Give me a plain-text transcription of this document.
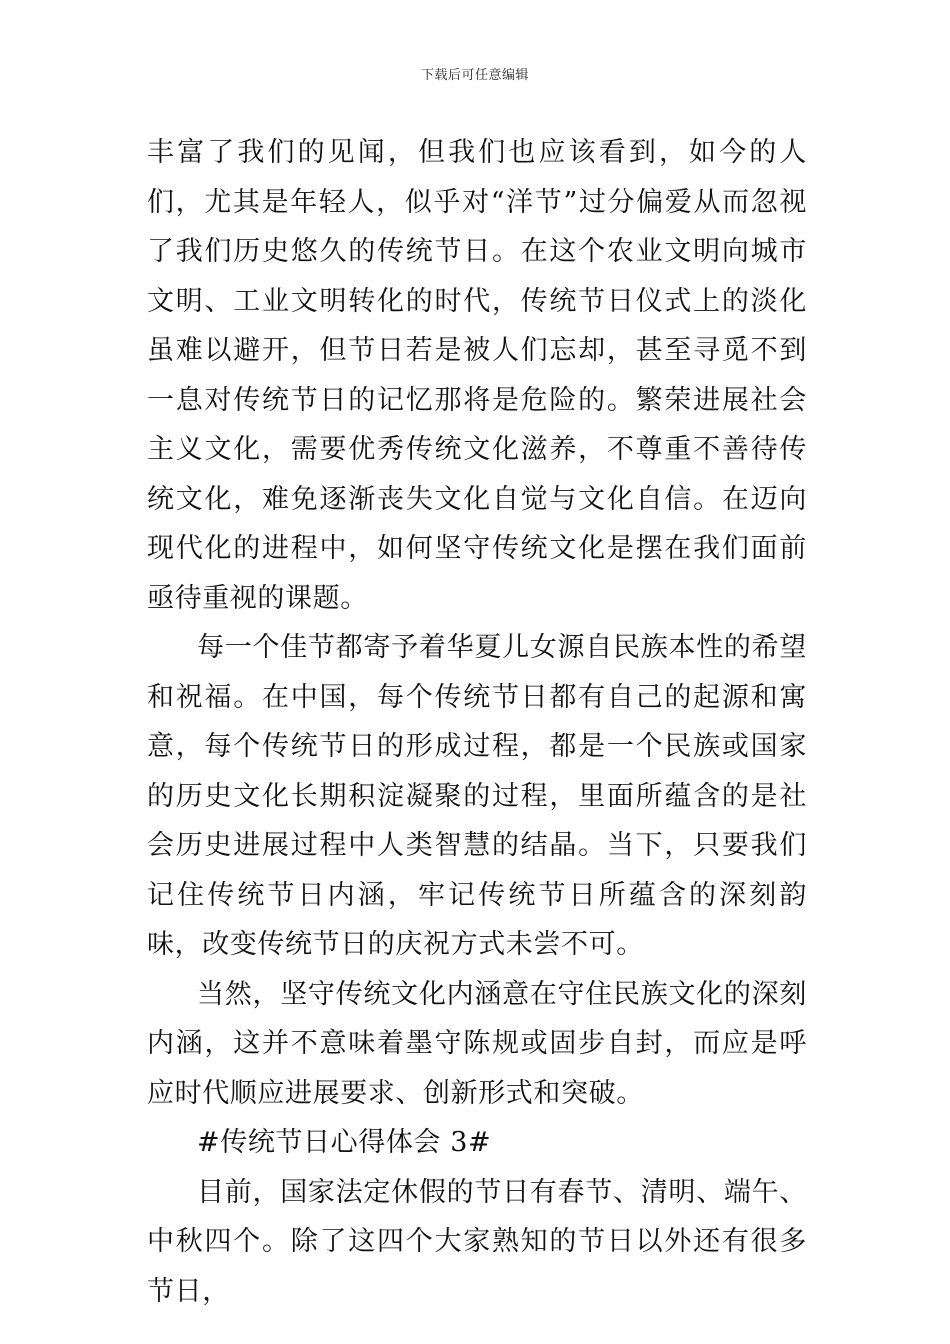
下载后可任意编辑

丰富了我们的见闻，但我们也应该看到，如今的人们，尤其是年轻人，似乎对“洋节”过分偏爱从而忽视了我们历史悠久的传统节日。在这个农业文明向城市文明、工业文明转化的时代，传统节日仪式上的淡化虽难以避开，但节日若是被人们忘却，甚至寻觅不到一息对传统节日的记忆那将是危险的。繁荣进展社会主义文化，需要优秀传统文化滋养，不尊重不善待传统文化，难免逐渐丧失文化自觉与文化自信。在迈向现代化的进程中，如何坚守传统文化是摆在我们面前亟待重视的课题。

每一个佳节都寄予着华夏儿女源自民族本性的希望和祝福。在中国，每个传统节日都有自己的起源和寓意，每个传统节日的形成过程，都是一个民族或国家的历史文化长期积淀凝聚的过程，里面所蕴含的是社会历史进展过程中人类智慧的结晶。当下，只要我们记住传统节日内涵，牢记传统节日所蕴含的深刻韵味，改变传统节日的庆祝方式未尝不可。

当然，坚守传统文化内涵意在守住民族文化的深刻内涵，这并不意味着墨守陈规或固步自封，而应是呼应时代顺应进展要求、创新形式和突破。

#传统节日心得体会 3#

目前，国家法定休假的节日有春节、清明、端午、中秋四个。除了这四个大家熟知的节日以外还有很多节日，
